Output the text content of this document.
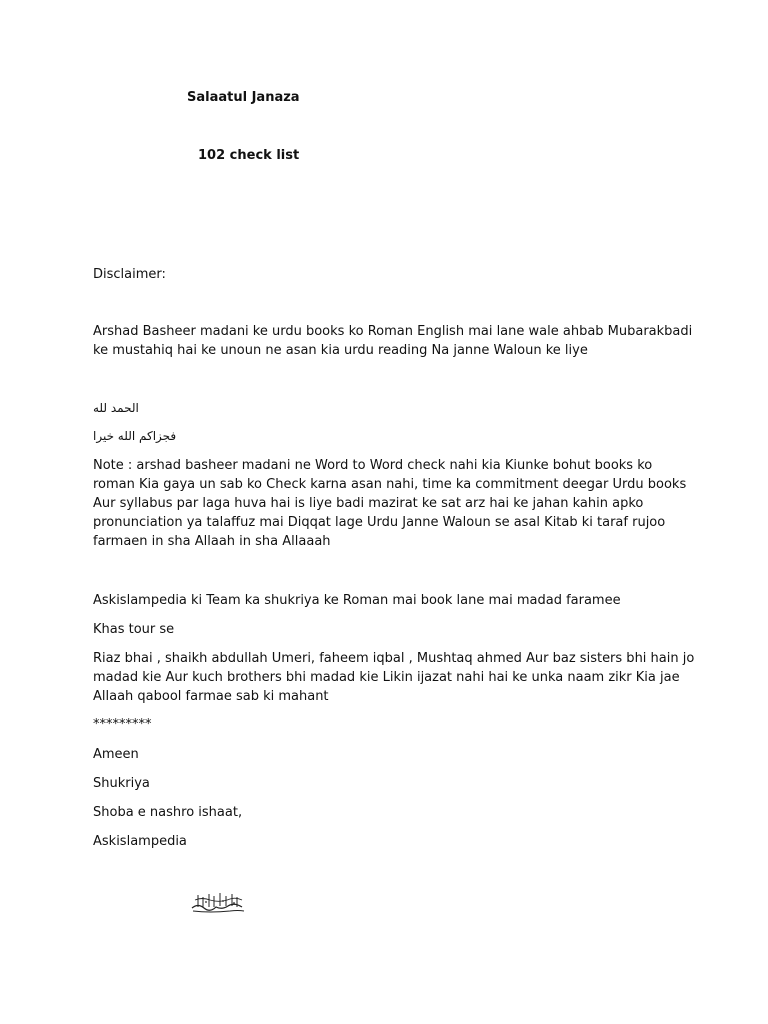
Salaatul Janaza
102 check list
Disclaimer:
Arshad Basheer madani ke urdu books ko Roman English mai lane wale ahbab Mubarakbadi
ke mustahiq hai ke unoun ne asan kia urdu reading Na janne Waloun ke liye
الحمد لله
فجزاكم الله خيرا
Note : arshad basheer madani ne Word to Word check nahi kia Kiunke bohut books ko
roman Kia gaya un sab ko Check karna asan nahi, time ka commitment deegar Urdu books
Aur syllabus par laga huva hai is liye badi mazirat ke sat arz hai ke jahan kahin apko
pronunciation ya talaffuz mai Diqqat lage Urdu Janne Waloun se asal Kitab ki taraf rujoo
farmaen in sha Allaah in sha Allaaah
Askislampedia ki Team ka shukriya ke Roman mai book lane mai madad faramee
Khas tour se
Riaz bhai , shaikh abdullah Umeri, faheem iqbal , Mushtaq ahmed Aur baz sisters bhi hain jo
madad kie Aur kuch brothers bhi madad kie Likin ijazat nahi hai ke unka naam zikr Kia jae
Allaah qabool farmae sab ki mahant
*********
Ameen
Shukriya
Shoba e nashro ishaat,
Askislampedia
